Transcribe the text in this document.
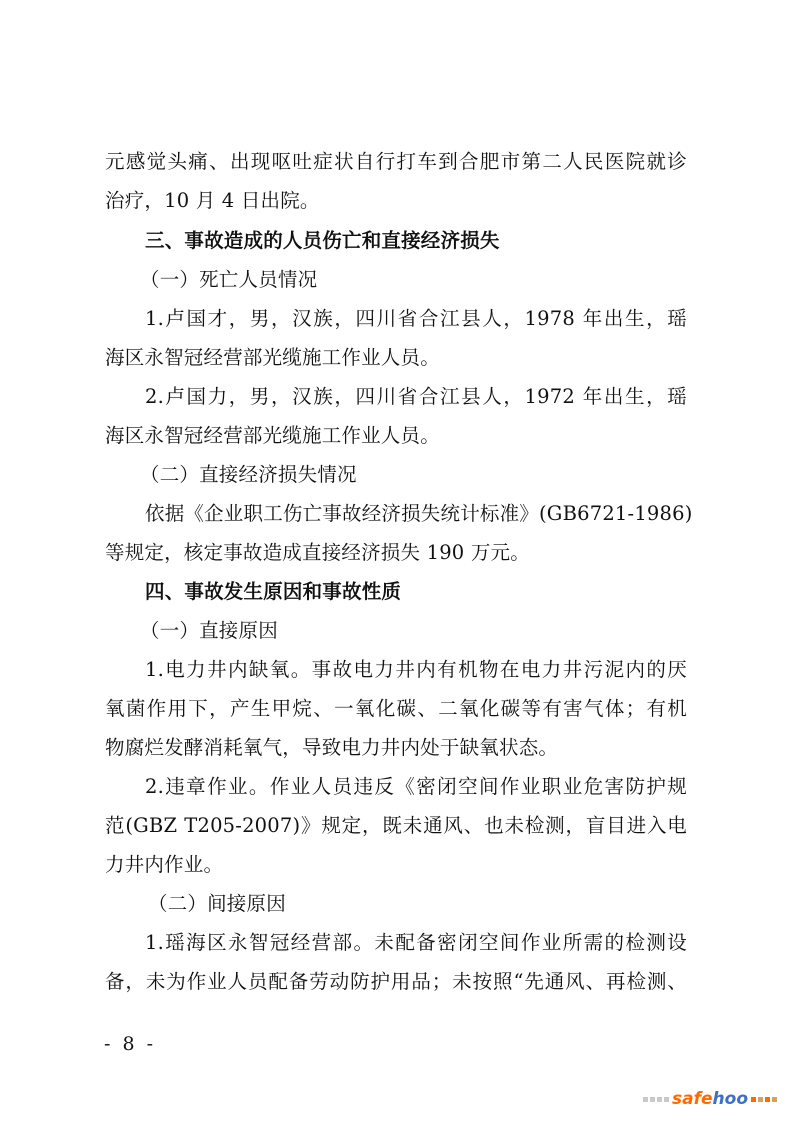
元感觉头痛、出现呕吐症状自行打车到合肥市第二人民医院就诊
治疗，10 月 4 日出院。
三、事故造成的人员伤亡和直接经济损失
（一）死亡人员情况
1.卢国才，男，汉族，四川省合江县人，1978 年出生，瑶
海区永智冠经营部光缆施工作业人员。
2.卢国力，男，汉族，四川省合江县人，1972 年出生，瑶
海区永智冠经营部光缆施工作业人员。
（二）直接经济损失情况
依据《企业职工伤亡事故经济损失统计标准》(GB6721-1986)
等规定，核定事故造成直接经济损失 190 万元。
四、事故发生原因和事故性质
（一）直接原因
1.电力井内缺氧。事故电力井内有机物在电力井污泥内的厌
氧菌作用下，产生甲烷、一氧化碳、二氧化碳等有害气体；有机
物腐烂发酵消耗氧气，导致电力井内处于缺氧状态。
2.违章作业。作业人员违反《密闭空间作业职业危害防护规
范(GBZ T205-2007)》规定，既未通风、也未检测，盲目进入电
力井内作业。
（二）间接原因
1.瑶海区永智冠经营部。未配备密闭空间作业所需的检测设
备，未为作业人员配备劳动防护用品；未按照“先通风、再检测、
- 8 -
safe hoo
